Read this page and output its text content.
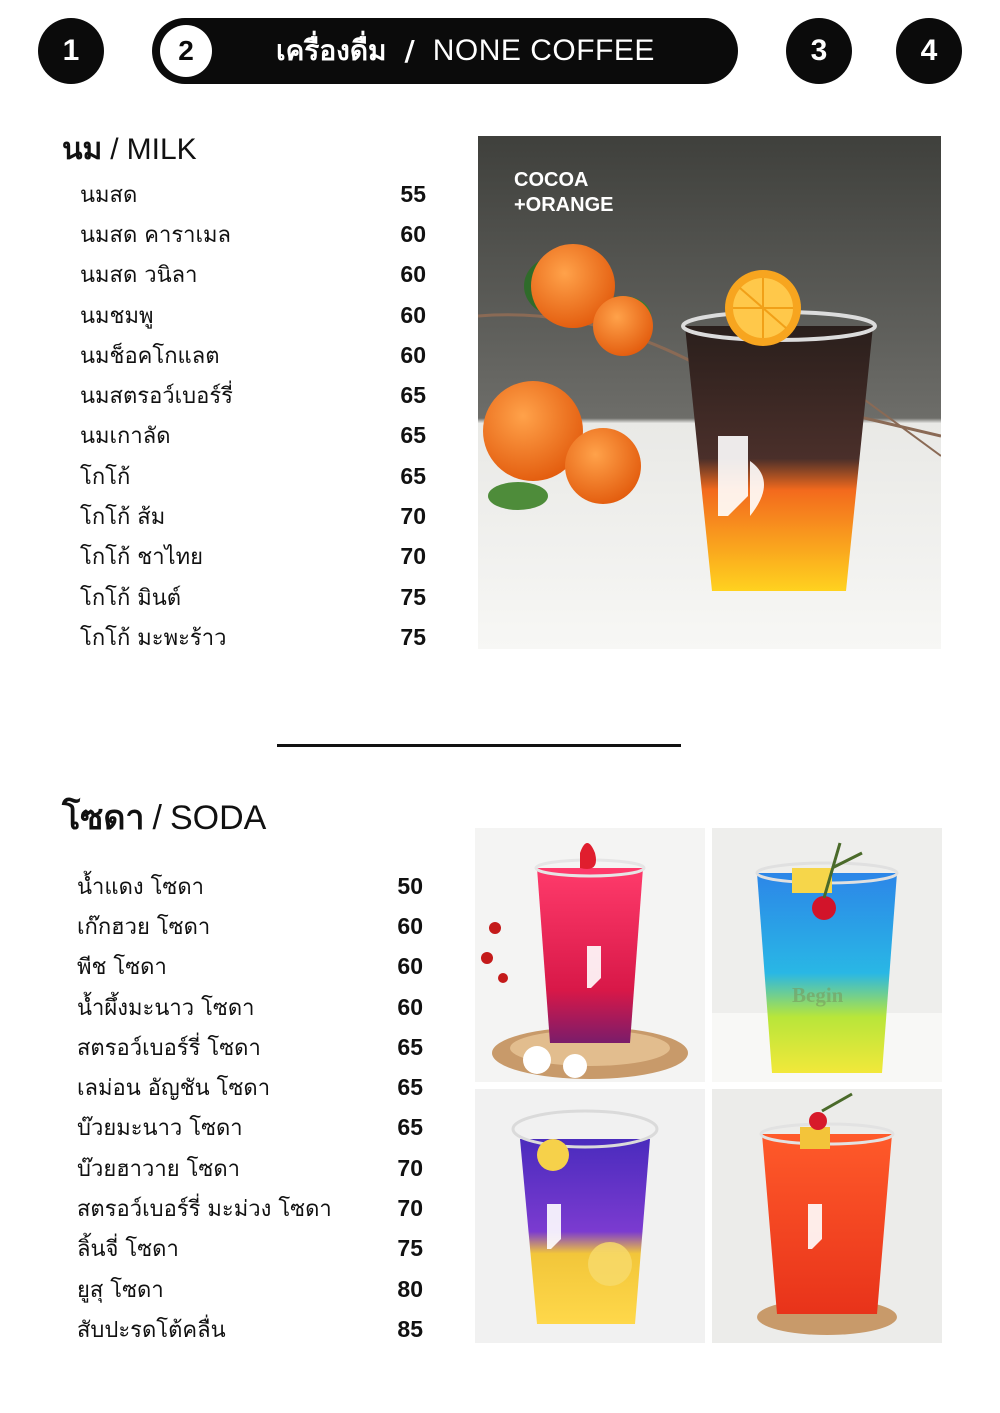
1	2	เครื่องดื่ม / NONE COFFEE	3	4
นม / MILK
นมสด	55
นมสด คาราเมล	60
นมสด วนิลา	60
นมชมพู	60
นมช็อคโกแลต	60
นมสตรอว์เบอร์รี่	65
นมเกาลัด	65
โกโก้	65
โกโก้ ส้ม	70
โกโก้ ชาไทย	70
โกโก้ มินต์	75
โกโก้ มะพะร้าว	75
COCOA
+ORANGE
โซดา / SODA
น้ำแดง โซดา	50
เก๊กฮวย โซดา	60
พีช โซดา	60
น้ำผึ้งมะนาว โซดา	60
สตรอว์เบอร์รี่ โซดา	65
เลม่อน อัญชัน โซดา	65
บ๊วยมะนาว โซดา	65
บ๊วยฮาวาย โซดา	70
สตรอว์เบอร์รี่ มะม่วง โซดา	70
ลิ้นจี่ โซดา	75
ยูสุ โซดา	80
สับปะรดโต้คลื่น	85
Begin
